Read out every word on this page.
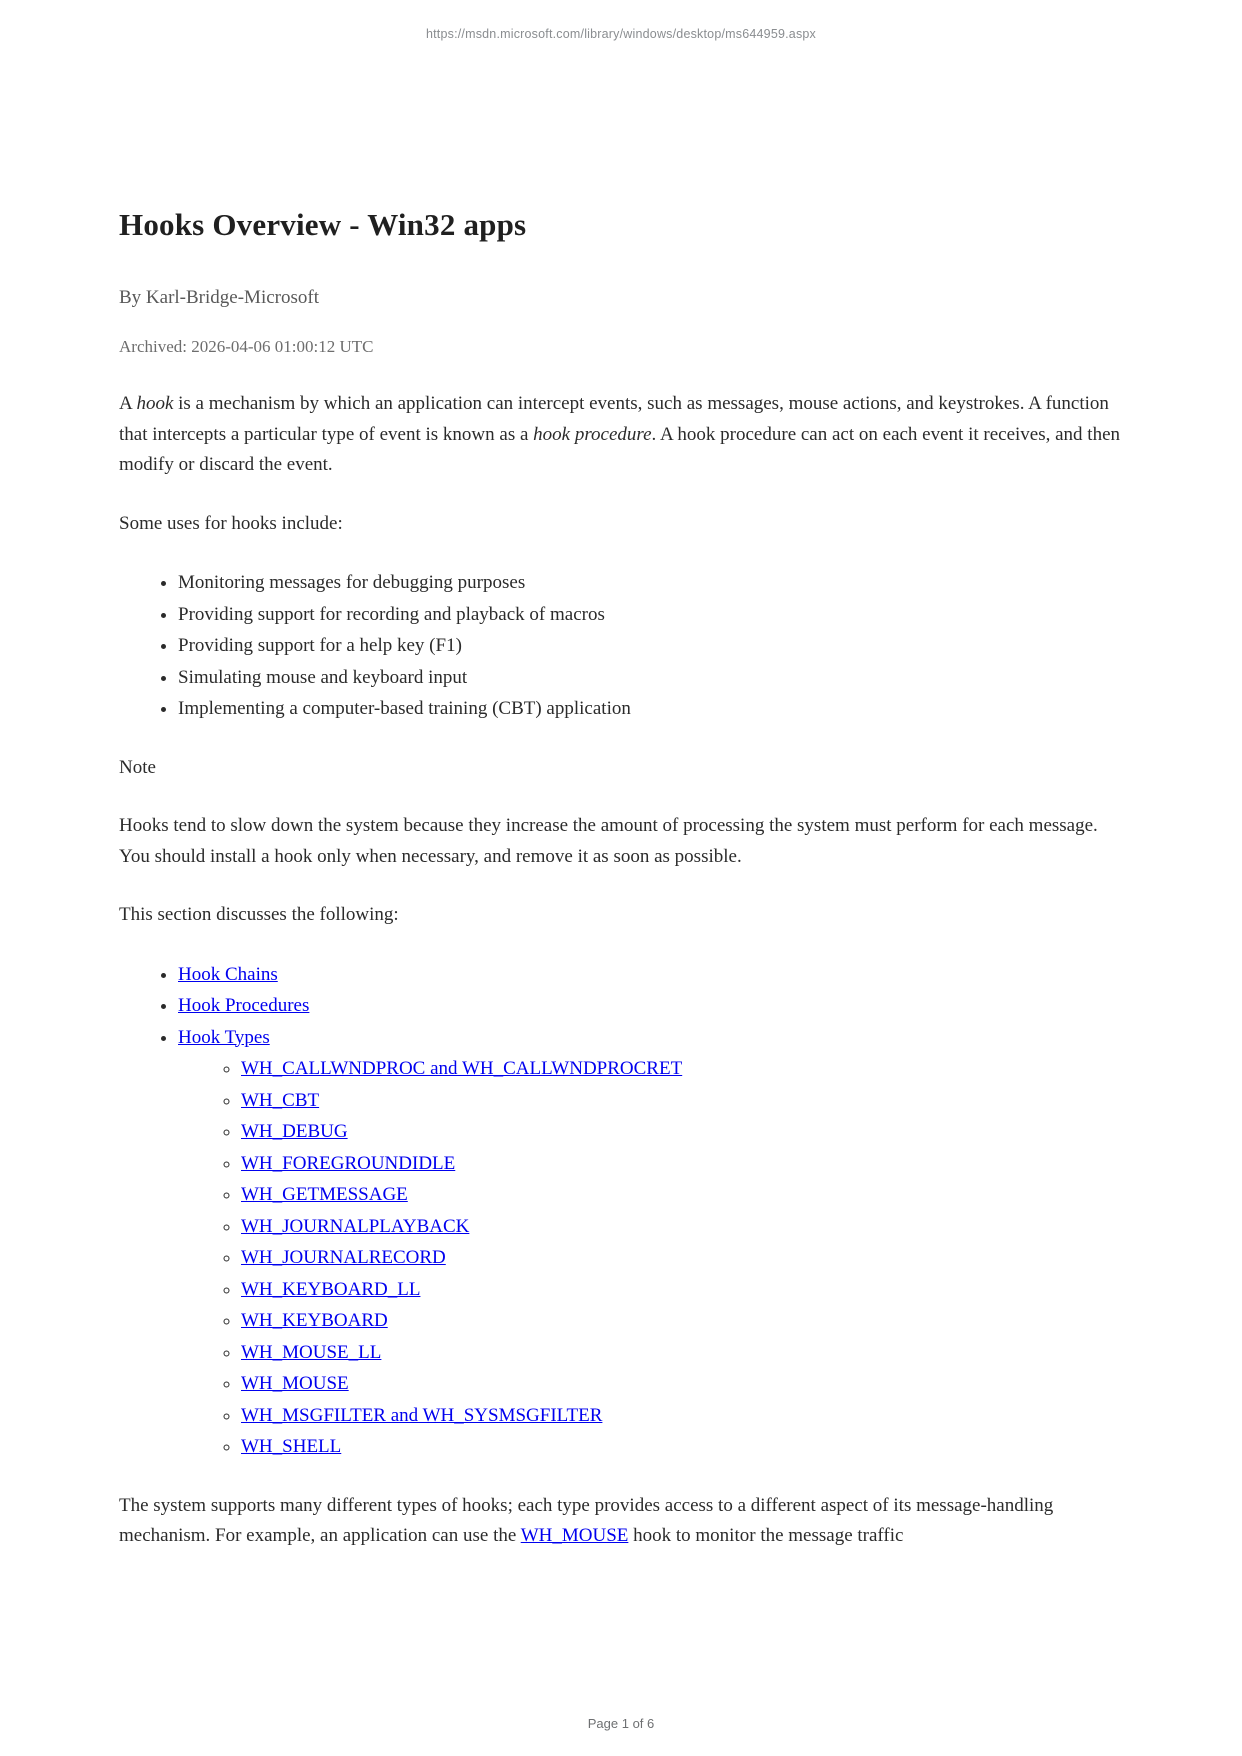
https://msdn.microsoft.com/library/windows/desktop/ms644959.aspx
Hooks Overview - Win32 apps

By Karl-Bridge-Microsoft

Archived: 2026-04-06 01:00:12 UTC

A hook is a mechanism by which an application can intercept events, such as messages, mouse actions, and keystrokes. A function that intercepts a particular type of event is known as a hook procedure. A hook procedure can act on each event it receives, and then modify or discard the event.

Some uses for hooks include:

• Monitoring messages for debugging purposes
• Providing support for recording and playback of macros
• Providing support for a help key (F1)
• Simulating mouse and keyboard input
• Implementing a computer-based training (CBT) application

Note

Hooks tend to slow down the system because they increase the amount of processing the system must perform for each message. You should install a hook only when necessary, and remove it as soon as possible.

This section discusses the following:

• Hook Chains
• Hook Procedures
• Hook Types
◦ WH_CALLWNDPROC and WH_CALLWNDPROCRET
◦ WH_CBT
◦ WH_DEBUG
◦ WH_FOREGROUNDIDLE
◦ WH_GETMESSAGE
◦ WH_JOURNALPLAYBACK
◦ WH_JOURNALRECORD
◦ WH_KEYBOARD_LL
◦ WH_KEYBOARD
◦ WH_MOUSE_LL
◦ WH_MOUSE
◦ WH_MSGFILTER and WH_SYSMSGFILTER
◦ WH_SHELL

The system supports many different types of hooks; each type provides access to a different aspect of its message-handling mechanism. For example, an application can use the WH_MOUSE hook to monitor the message traffic

Page 1 of 6
